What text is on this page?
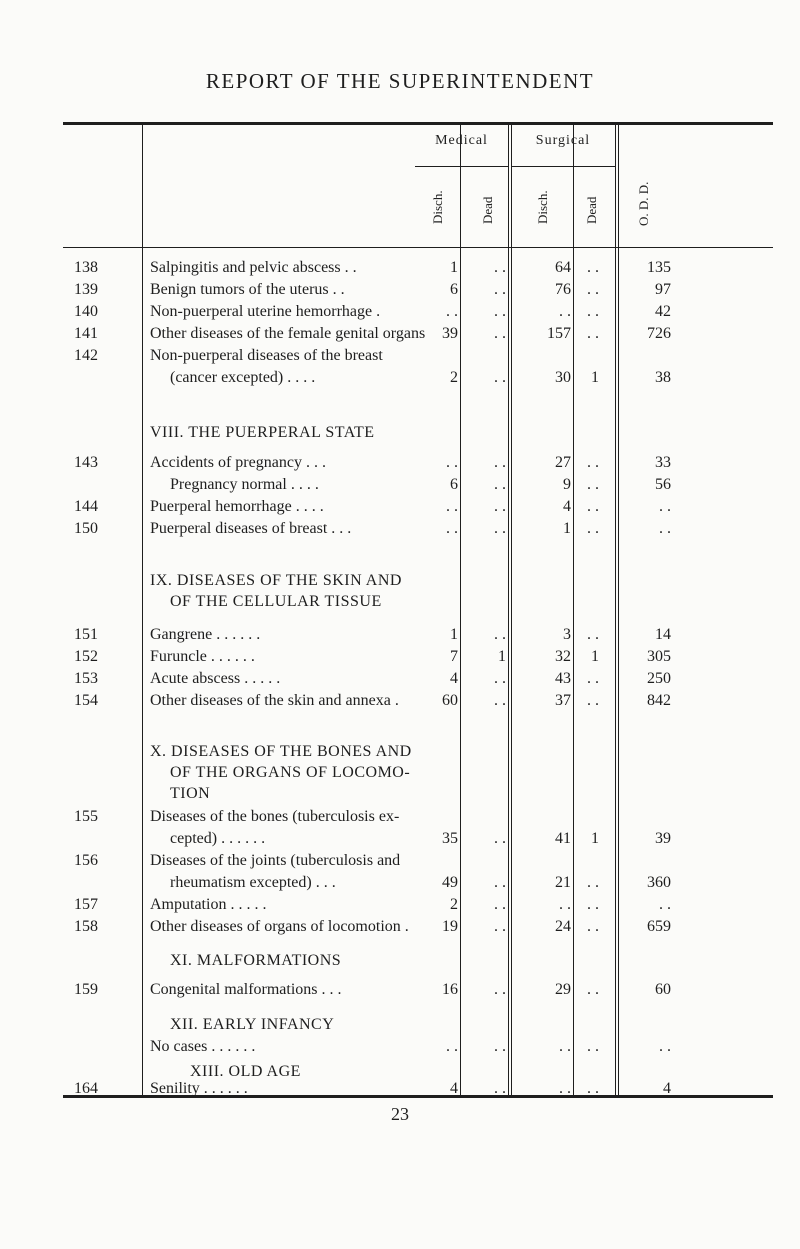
REPORT OF THE SUPERINTENDENT
Medical	Surgical
Disch.	Dead	Disch.	Dead	O. D. D.
138	Salpingitis and pelvic abscess . .	1	. .	64	. .	135
139	Benign tumors of the uterus . .	6	. .	76	. .	97
140	Non-puerperal uterine hemorrhage .	. .	. .	. .	. .	42
141	Other diseases of the female genital organs	39	. .	157	. .	726
142	Non-puerperal diseases of the breast
(cancer excepted) . . . .	2	. .	30	1	38
VIII. THE PUERPERAL STATE
143	Accidents of pregnancy . . .	. .	. .	27	. .	33
Pregnancy normal . . . .	6	. .	9	. .	56
144	Puerperal hemorrhage . . . .	. .	. .	4	. .	. .
150	Puerperal diseases of breast . . .	. .	. .	1	. .	. .
IX. DISEASES OF THE SKIN AND
OF THE CELLULAR TISSUE
151	Gangrene . . . . . .	1	. .	3	. .	14
152	Furuncle . . . . . .	7	1	32	1	305
153	Acute abscess . . . . .	4	. .	43	. .	250
154	Other diseases of the skin and annexa .	60	. .	37	. .	842
X. DISEASES OF THE BONES AND
OF THE ORGANS OF LOCOMO-
TION
155	Diseases of the bones (tuberculosis ex-
cepted) . . . . . .	35	. .	41	1	39
156	Diseases of the joints (tuberculosis and
rheumatism excepted) . . .	49	. .	21	. .	360
157	Amputation . . . . .	2	. .	. .	. .	. .
158	Other diseases of organs of locomotion .	19	. .	24	. .	659
XI. MALFORMATIONS
159	Congenital malformations . . .	16	. .	29	. .	60
XII. EARLY INFANCY
No cases . . . . . .	. .	. .	. .	. .	. .
XIII. OLD AGE
164	Senility . . . . . .	4	. .	. .	. .	4
23
